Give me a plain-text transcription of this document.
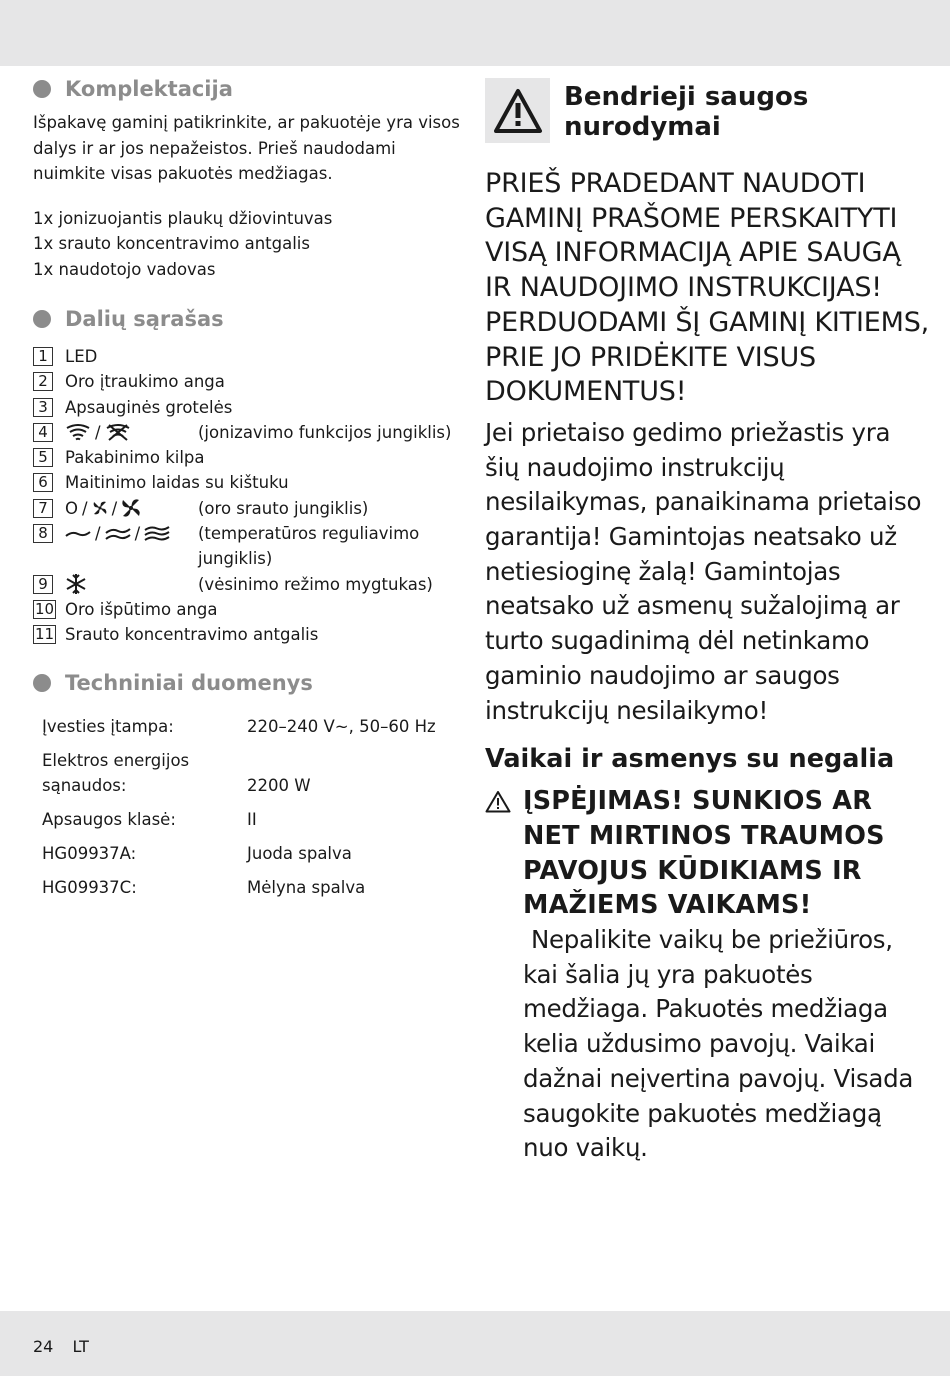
Komplektacija

Išpakavę gaminį patikrinkite, ar pakuotėje yra visos dalys ir ar jos nepažeistos. Prieš naudodami nuimkite visas pakuotės medžiagas.

1x jonizuojantis plaukų džiovintuvas
1x srauto koncentravimo antgalis
1x naudotojo vadovas
Dalių sąrašas
1	LED
2	Oro įtraukimo anga
3	Apsauginės grotelės
4	/	(jonizavimo funkcijos jungiklis)
5	Pakabinimo kilpa
6	Maitinimo laidas su kištuku
7	O / /	(oro srauto jungiklis)
8	/ /	(temperatūros reguliavimo jungiklis)
9	(vėsinimo režimo mygtukas)
10 Oro išpūtimo anga
11 Srauto koncentravimo antgalis
Techniniai duomenys
Įvesties įtampa:	220–240 V∼, 50–60 Hz
Elektros energijos sąnaudos:	2200 W
Apsaugos klasė:	II
HG09937A:	Juoda spalva
HG09937C:	Mėlyna spalva
Bendrieji saugos nurodymai
PRIEŠ PRADEDANT NAUDOTI GAMINĮ PRAŠOME PERSKAITYTI VISĄ INFORMACIJĄ APIE SAUGĄ IR NAUDOJIMO INSTRUKCIJAS! PERDUODAMI ŠĮ GAMINĮ KITIEMS, PRIE JO PRIDĖKITE VISUS DOKUMENTUS!
Jei prietaiso gedimo priežastis yra šių naudojimo instrukcijų nesilaikymas, panaikinama prietaiso garantija! Gamintojas neatsako už netiesioginę žalą! Gamintojas neatsako už asmenų sužalojimą ar turto sugadinimą dėl netinkamo gaminio naudojimo ar saugos instrukcijų nesilaikymo!
Vaikai ir asmenys su negalia
ĮSPĖJIMAS! SUNKIOS AR NET MIRTINOS TRAUMOS PAVOJUS KŪDIKIAMS IR MAŽIEMS VAIKAMS!
Nepalikite vaikų be priežiūros, kai šalia jų yra pakuotės medžiaga. Pakuotės medžiaga kelia uždusimo pavojų. Vaikai dažnai neįvertina pavojų. Visada saugokite pakuotės medžiagą nuo vaikų.
24 LT
